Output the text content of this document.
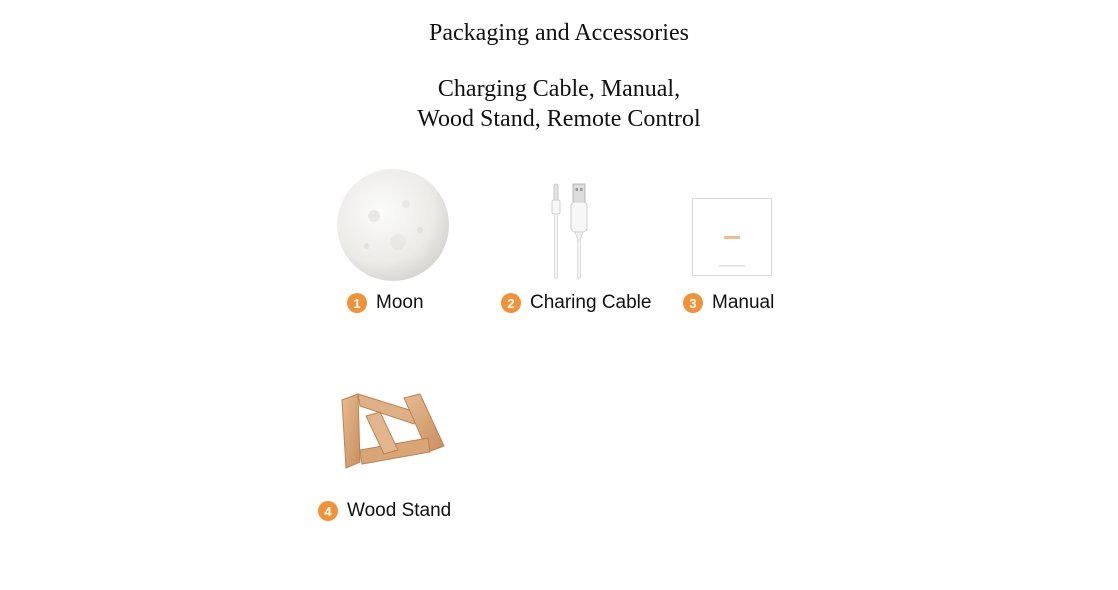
Packaging and Accessories
Charging Cable, Manual,
Wood Stand, Remote Control
1 Moon	2 Charing Cable	3 Manual
4 Wood Stand
